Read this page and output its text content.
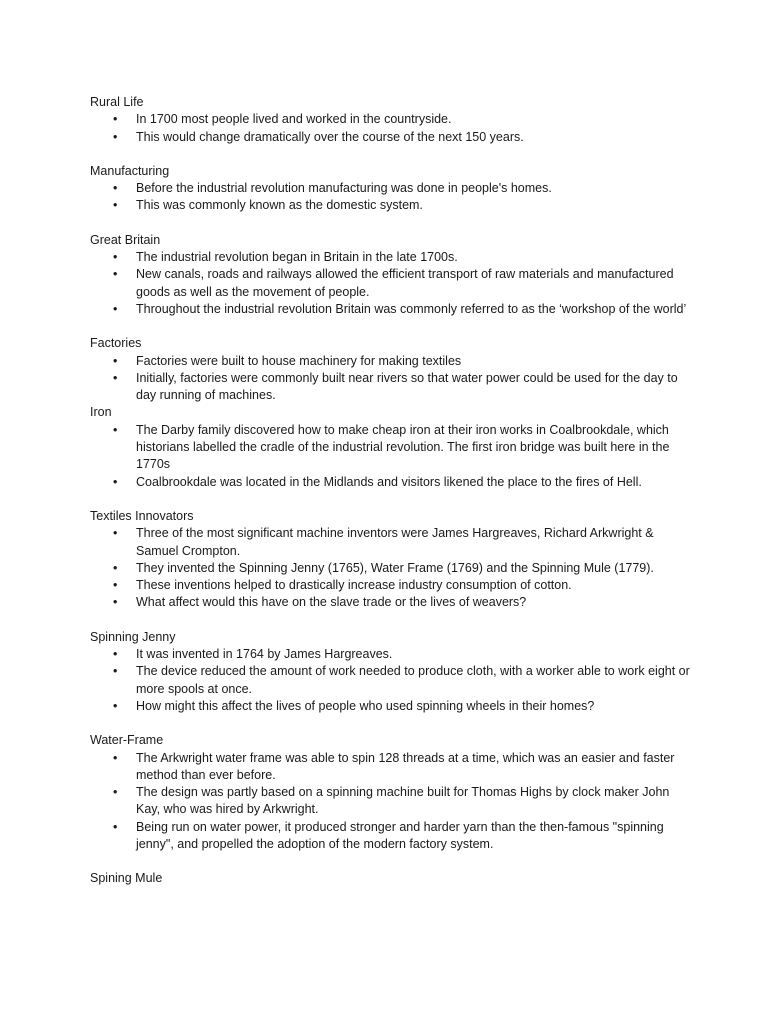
Rural Life
• In 1700 most people lived and worked in the countryside.
• This would change dramatically over the course of the next 150 years.
Manufacturing
• Before the industrial revolution manufacturing was done in people's homes.
• This was commonly known as the domestic system.
Great Britain
• The industrial revolution began in Britain in the late 1700s.
• New canals, roads and railways allowed the efficient transport of raw materials and manufactured goods as well as the movement of people.
• Throughout the industrial revolution Britain was commonly referred to as the ‘workshop of the world’
Factories
• Factories were built to house machinery for making textiles
• Initially, factories were commonly built near rivers so that water power could be used for the day to day running of machines.
Iron
• The Darby family discovered how to make cheap iron at their iron works in Coalbrookdale, which historians labelled the cradle of the industrial revolution. The first iron bridge was built here in the 1770s
• Coalbrookdale was located in the Midlands and visitors likened the place to the fires of Hell.
Textiles Innovators
• Three of the most significant machine inventors were James Hargreaves, Richard Arkwright & Samuel Crompton.
• They invented the Spinning Jenny (1765), Water Frame (1769) and the Spinning Mule (1779).
• These inventions helped to drastically increase industry consumption of cotton.
• What affect would this have on the slave trade or the lives of weavers?
Spinning Jenny
• It was invented in 1764 by James Hargreaves.
• The device reduced the amount of work needed to produce cloth, with a worker able to work eight or more spools at once.
• How might this affect the lives of people who used spinning wheels in their homes?
Water-Frame
• The Arkwright water frame was able to spin 128 threads at a time, which was an easier and faster method than ever before.
• The design was partly based on a spinning machine built for Thomas Highs by clock maker John Kay, who was hired by Arkwright.
• Being run on water power, it produced stronger and harder yarn than the then-famous "spinning jenny", and propelled the adoption of the modern factory system.
Spining Mule
